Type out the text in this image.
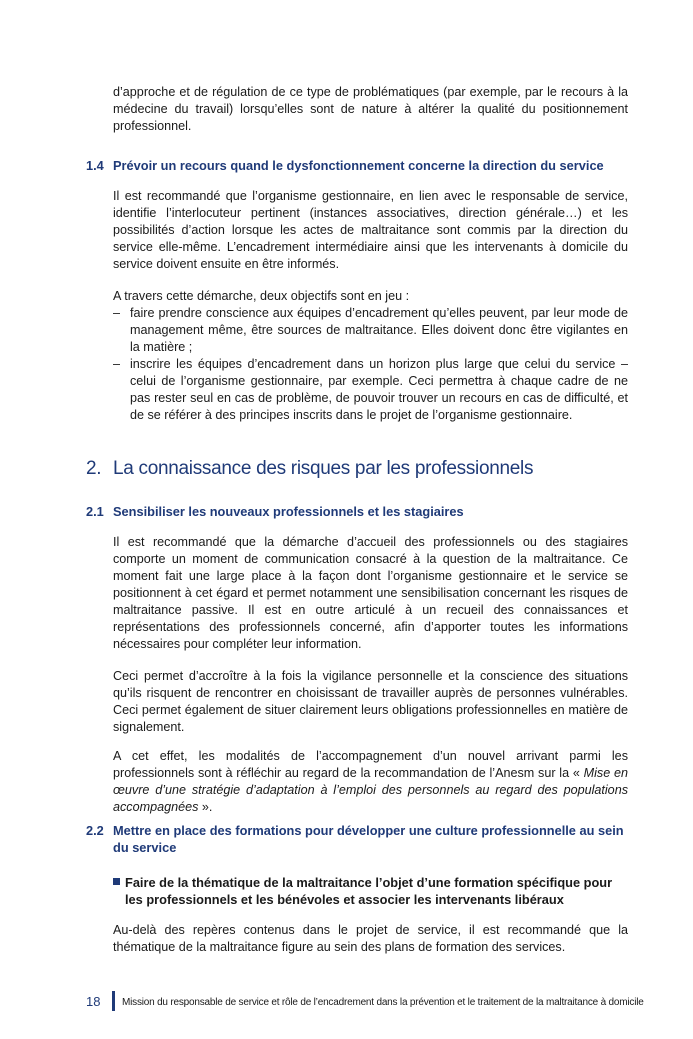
d’approche et de régulation de ce type de problématiques (par exemple, par le recours à la médecine du travail) lorsqu’elles sont de nature à altérer la qualité du positionnement professionnel.

1.4 Prévoir un recours quand le dysfonctionnement concerne la direction du service

Il est recommandé que l’organisme gestionnaire, en lien avec le responsable de service, identifie l’interlocuteur pertinent (instances associatives, direction générale…) et les possibilités d’action lorsque les actes de maltraitance sont commis par la direction du service elle-même. L’encadrement intermédiaire ainsi que les intervenants à domicile du service doivent ensuite en être informés.

A travers cette démarche, deux objectifs sont en jeu :

– faire prendre conscience aux équipes d’encadrement qu’elles peuvent, par leur mode de management même, être sources de maltraitance. Elles doivent donc être vigilantes en la matière ;
– inscrire les équipes d’encadrement dans un horizon plus large que celui du service – celui de l’organisme gestionnaire, par exemple. Ceci permettra à chaque cadre de ne pas rester seul en cas de problème, de pouvoir trouver un recours en cas de difficulté, et de se référer à des principes inscrits dans le projet de l’organisme gestionnaire.
2. La connaissance des risques par les professionnels
2.1 Sensibiliser les nouveaux professionnels et les stagiaires

Il est recommandé que la démarche d’accueil des professionnels ou des stagiaires comporte un moment de communication consacré à la question de la maltraitance. Ce moment fait une large place à la façon dont l’organisme gestionnaire et le service se positionnent à cet égard et permet notamment une sensibilisation concernant les risques de maltraitance passive. Il est en outre articulé à un recueil des connaissances et représentations des professionnels concerné, afin d’apporter toutes les informations nécessaires pour compléter leur information.

Ceci permet d’accroître à la fois la vigilance personnelle et la conscience des situations qu’ils risquent de rencontrer en choisissant de travailler auprès de personnes vulnérables. Ceci permet également de situer clairement leurs obligations professionnelles en matière de signalement.

A cet effet, les modalités de l’accompagnement d’un nouvel arrivant parmi les professionnels sont à réfléchir au regard de la recommandation de l’Anesm sur la « Mise en œuvre d’une stratégie d’adaptation à l’emploi des personnels au regard des populations accompagnées ».

2.2 Mettre en place des formations pour développer une culture professionnelle au sein du service
Faire de la thématique de la maltraitance l’objet d’une formation spécifique pour les professionnels et les bénévoles et associer les intervenants libéraux

Au-delà des repères contenus dans le projet de service, il est recommandé que la thématique de la maltraitance figure au sein des plans de formation des services.

18 Mission du responsable de service et rôle de l’encadrement dans la prévention et le traitement de la maltraitance à domicile
